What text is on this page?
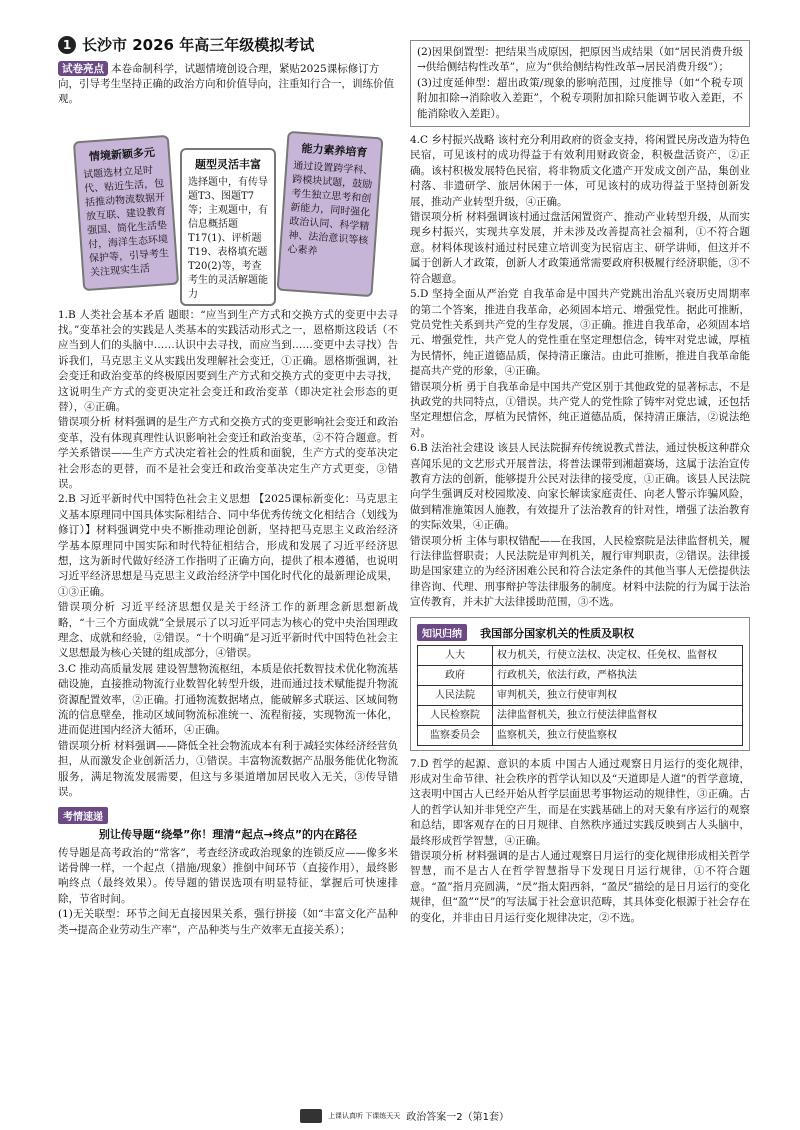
1 长沙市 2026 年高三年级模拟考试

试卷亮点 本卷命制科学，试题情境创设合理，紧贴2025课标修订方向，引导考生坚持正确的政治方向和价值导向，注重知行合一，训练价值观。

情境新颖多元
试题选材立足时代、贴近生活，包括推动物流数据开放互联、建设教育强国、简化生活垫付，海洋生态环境保护等，引导考生关注现实生活
题型灵活丰富
选择题中，有传导题T3、图题T7等；主观题中，有信息概括题T17(1)、评析题T19、表格填充题T20(2)等，考查考生的灵活解题能力
能力素养培育
通过设置跨学科、跨模块试题，鼓励考生独立思考和创新能力，同时强化政治认同、科学精神、法治意识等核心素养

1.B 人类社会基本矛盾 题眼：“应当到生产方式和交换方式的变更中去寻找。”变革社会的实践是人类基本的实践活动形式之一，恩格斯这段话（不应当到人们的头脑中……认识中去寻找，而应当到……变更中去寻找）告诉我们，马克思主义从实践出发理解社会变迁，①正确。恩格斯强调，社会变迁和政治变革的终极原因要到生产方式和交换方式的变更中去寻找，这说明生产方式的变更决定社会变迁和政治变革（即决定社会形态的更替），④正确。

错误项分析 材料强调的是生产方式和交换方式的变更影响社会变迁和政治变革，没有体现真理性认识影响社会变迁和政治变革，②不符合题意。哲学关系错误——生产方式决定着社会的性质和面貌，生产方式的变革决定社会形态的更替，而不是社会变迁和政治变革决定生产方式更变，③错误。

2.B 习近平新时代中国特色社会主义思想 【2025课标新变化：马克思主义基本原理同中国具体实际相结合、同中华优秀传统文化相结合（划线为修订）】材料强调党中央不断推动理论创新，坚持把马克思主义政治经济学基本原理同中国实际和时代特征相结合，形成和发展了习近平经济思想，这为新时代做好经济工作指明了正确方向，提供了根本遵循，也说明习近平经济思想是马克思主义政治经济学中国化时代化的最新理论成果，①③正确。

错误项分析 习近平经济思想仅是关于经济工作的新理念新思想新战略，“十三个方面成就”全景展示了以习近平同志为核心的党中央治国理政理念、成就和经验，②错误。“十个明确”是习近平新时代中国特色社会主义思想最为核心关键的组成部分，④错误。

3.C 推动高质量发展 建设智慧物流枢纽，本质是依托数智技术优化物流基础设施，直接推动物流行业数智化转型升级，进而通过技术赋能提升物流资源配置效率，②正确。打通物流数据堵点，能破解多式联运、区域间物流的信息壁垒，推动区域间物流标准统一、流程衔接，实现物流一体化，进而促进国内经济大循环，④正确。

错误项分析 材料强调——降低全社会物流成本有利于减轻实体经济经营负担，从而激发企业创新活力，①错误。丰富物流数据产品服务能优化物流服务，满足物流发展需要，但这与多渠道增加居民收入无关，③传导错误。

考情速递
别让传导题“绕晕”你！理清“起点→终点”的内在路径

传导题是高考政治的“常客”，考查经济或政治现象的连锁反应——像多米诺骨牌一样，一个起点（措施/现象）推倒中间环节（直接作用），最终影响终点（最终效果）。传导题的错误选项有明显特征，掌握后可快速排除，节省时间。

(1)无关联型：环节之间无直接因果关系，强行拼接（如“丰富文化产品种类→提高企业劳动生产率”，产品种类与生产效率无直接关系）；

(2)因果倒置型：把结果当成原因，把原因当成结果（如“居民消费升级→供给侧结构性改革”，应为“供给侧结构性改革→居民消费升级”）；

(3)过度延伸型：超出政策/现象的影响范围，过度推导（如“个税专项附加扣除→消除收入差距”，个税专项附加扣除只能调节收入差距，不能消除收入差距）。

4.C 乡村振兴战略 该村充分利用政府的资金支持，将闲置民房改造为特色民宿，可见该村的成功得益于有效利用财政资金，积极盘活资产，②正确。该村积极发展特色民宿，将非物质文化遗产开发成文创产品，集创业村落、非遗研学、旅居休闲于一体，可见该村的成功得益于坚持创新发展，推动产业转型升级，④正确。

错误项分析 材料强调该村通过盘活闲置资产、推动产业转型升级，从而实现乡村振兴，实现共享发展，并未涉及改善提高社会福利，①不符合题意。材料体现该村通过村民建立培训变为民宿店主、研学讲师，但这并不属于创新人才政策，创新人才政策通常需要政府积极履行经济职能，③不符合题意。

5.D 坚持全面从严治党 自我革命是中国共产党跳出治乱兴衰历史周期率的第二个答案，推进自我革命，必须固本培元、增强党性。据此可推断，党员党性关系到共产党的生存发展，③正确。推进自我革命，必须固本培元、增强党性，共产党人的党性重在坚定理想信念，铸牢对党忠诚，厚植为民情怀，纯正道德品质，保持清正廉洁。由此可推断，推进自我革命能提高共产党的形象，④正确。

错误项分析 勇于自我革命是中国共产党区别于其他政党的显著标志，不是执政党的共同特点，①错误。共产党人的党性除了铸牢对党忠诚，还包括坚定理想信念，厚植为民情怀，纯正道德品质，保持清正廉洁，②说法绝对。

6.B 法治社会建设 该县人民法院摒弃传统说教式普法，通过快板这种群众喜闻乐见的文艺形式开展普法，将普法课带到湘超赛场，这属于法治宣传教育方法的创新，能够提升公民对法律的接受度，①正确。该县人民法院向学生强调反对校园欺凌、向家长解读家庭责任、向老人警示诈骗风险，做到精准施策因人施教，有效提升了法治教育的针对性，增强了法治教育的实际效果，④正确。

错误项分析 主体与职权错配——在我国，人民检察院是法律监督机关，履行法律监督职责；人民法院是审判机关，履行审判职责，②错误。法律援助是国家建立的为经济困难公民和符合法定条件的其他当事人无偿提供法律咨询、代理、刑事辩护等法律服务的制度。材料中法院的行为属于法治宣传教育，并未扩大法律援助范围，③不选。

知识归纳 我国部分国家机关的性质及职权
人大	权力机关，行使立法权、决定权、任免权、监督权
政府	行政机关，依法行政，严格执法
人民法院	审判机关，独立行使审判权
人民检察院	法律监督机关，独立行使法律监督权
监察委员会	监察机关，独立行使监察权

7.D 哲学的起源、意识的本质 中国古人通过观察日月运行的变化规律，形成对生命节律、社会秩序的哲学认知以及“天道即是人道”的哲学意境，这表明中国古人已经开始从哲学层面思考事物运动的规律性，③正确。古人的哲学认知并非凭空产生，而是在实践基础上的对天象有序运行的观察和总结，即客观存在的日月规律、自然秩序通过实践反映到古人头脑中，最终形成哲学智慧，④正确。

错误项分析 材料强调的是古人通过观察日月运行的变化规律形成相关哲学智慧，而不是古人在哲学智慧指导下发现日月运行规律，①不符合题意。“盈”指月亮圆满，“昃”指太阳西斜，“盈昃”描绘的是日月运行的变化规律，但“盈”“昃”的写法属于社会意识范畴，其具体变化根源于社会存在的变化，并非由日月运行变化规律决定，②不选。

上课认真听 下课练天天 政治答案一2（第1套）
